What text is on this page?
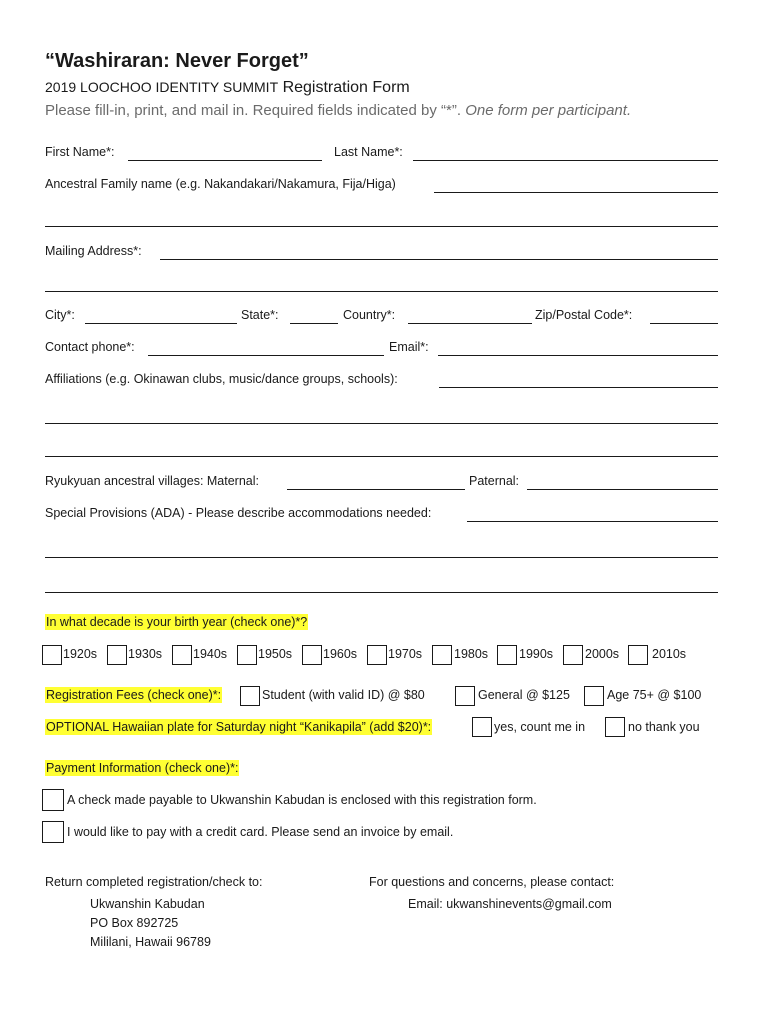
“Washiraran: Never Forget”
2019 LOOCHOO IDENTITY SUMMIT Registration Form
Please fill-in, print, and mail in. Required fields indicated by “*”. One form per participant.
First Name*:	Last Name*:
Ancestral Family name (e.g. Nakandakari/Nakamura, Fija/Higa)
Mailing Address*:
City*:	State*:	Country*:	Zip/Postal Code*:
Contact phone*:	Email*:
Affiliations (e.g. Okinawan clubs, music/dance groups, schools):
Ryukyuan ancestral villages: Maternal:	Paternal:
Special Provisions (ADA) - Please describe accommodations needed:
In what decade is your birth year (check one)*?
1920s 1930s 1940s 1950s 1960s 1970s	1980s 1990s	2000s	2010s
Registration Fees (check one)*:	Student (with valid ID) @ $80	General @ $125	Age 75+ @ $100
OPTIONAL Hawaiian plate for Saturday night “Kanikapila” (add $20)*:	yes, count me in	no thank you
Payment Information (check one)*:
A check made payable to Ukwanshin Kabudan is enclosed with this registration form.
I would like to pay with a credit card. Please send an invoice by email.
Return completed registration/check to:
Ukwanshin Kabudan
PO Box 892725
Mililani, Hawaii 96789
For questions and concerns, please contact:
Email: ukwanshinevents@gmail.com
